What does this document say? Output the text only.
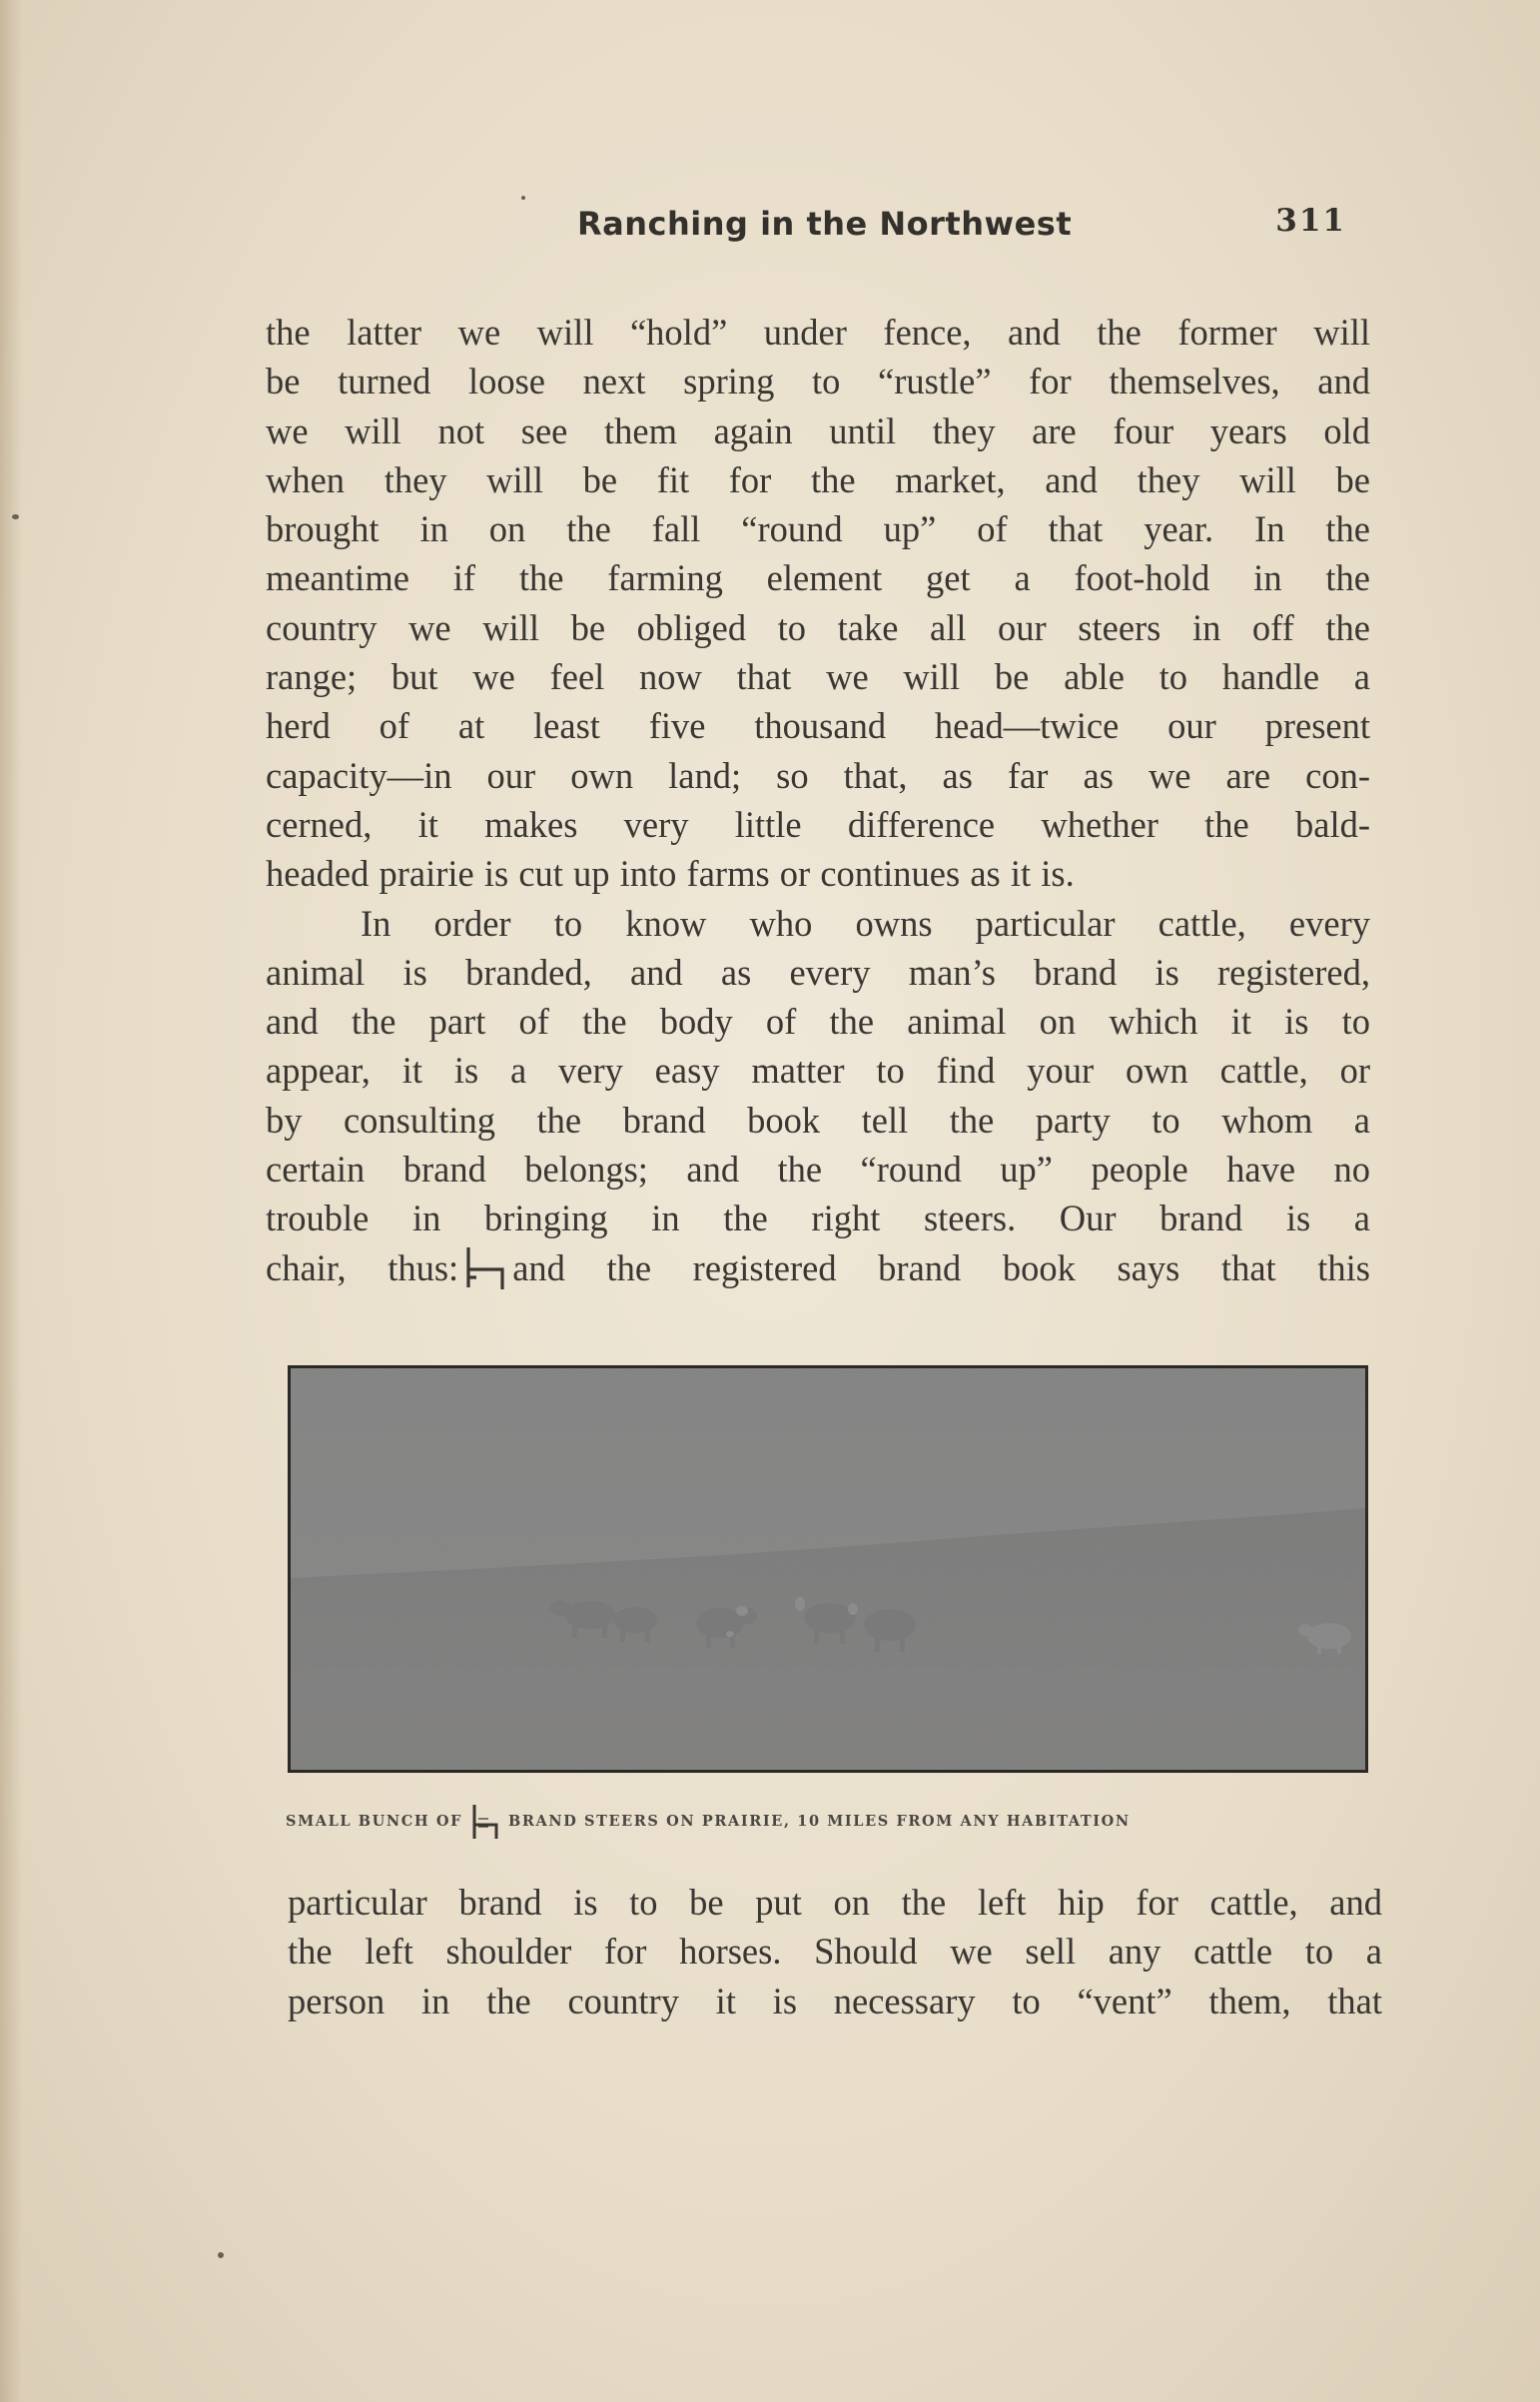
Ranching in the Northwest	311
the latter we will “hold” under fence, and the former will
be turned loose next spring to “rustle” for themselves, and
we will not see them again until they are four years old
when they will be fit for the market, and they will be
brought in on the fall “round up” of that year. In the
meantime if the farming element get a foot-hold in the
country we will be obliged to take all our steers in off the
range; but we feel now that we will be able to handle a
herd of at least five thousand head—twice our present
capacity—in our own land; so that, as far as we are con-
cerned, it makes very little difference whether the bald-
headed prairie is cut up into farms or continues as it is.
In order to know who owns particular cattle, every
animal is branded, and as every man’s brand is registered,
and the part of the body of the animal on which it is to
appear, it is a very easy matter to find your own cattle, or
by consulting the brand book tell the party to whom a
certain brand belongs; and the “round up” people have no
trouble in bringing in the right steers. Our brand is a
chair, thus: and the registered brand book says that this
SMALL BUNCH OF	BRAND STEERS ON PRAIRIE, 10 MILES FROM ANY HABITATION
particular brand is to be put on the left hip for cattle, and
the left shoulder for horses. Should we sell any cattle to a
person in the country it is necessary to “vent” them, that
